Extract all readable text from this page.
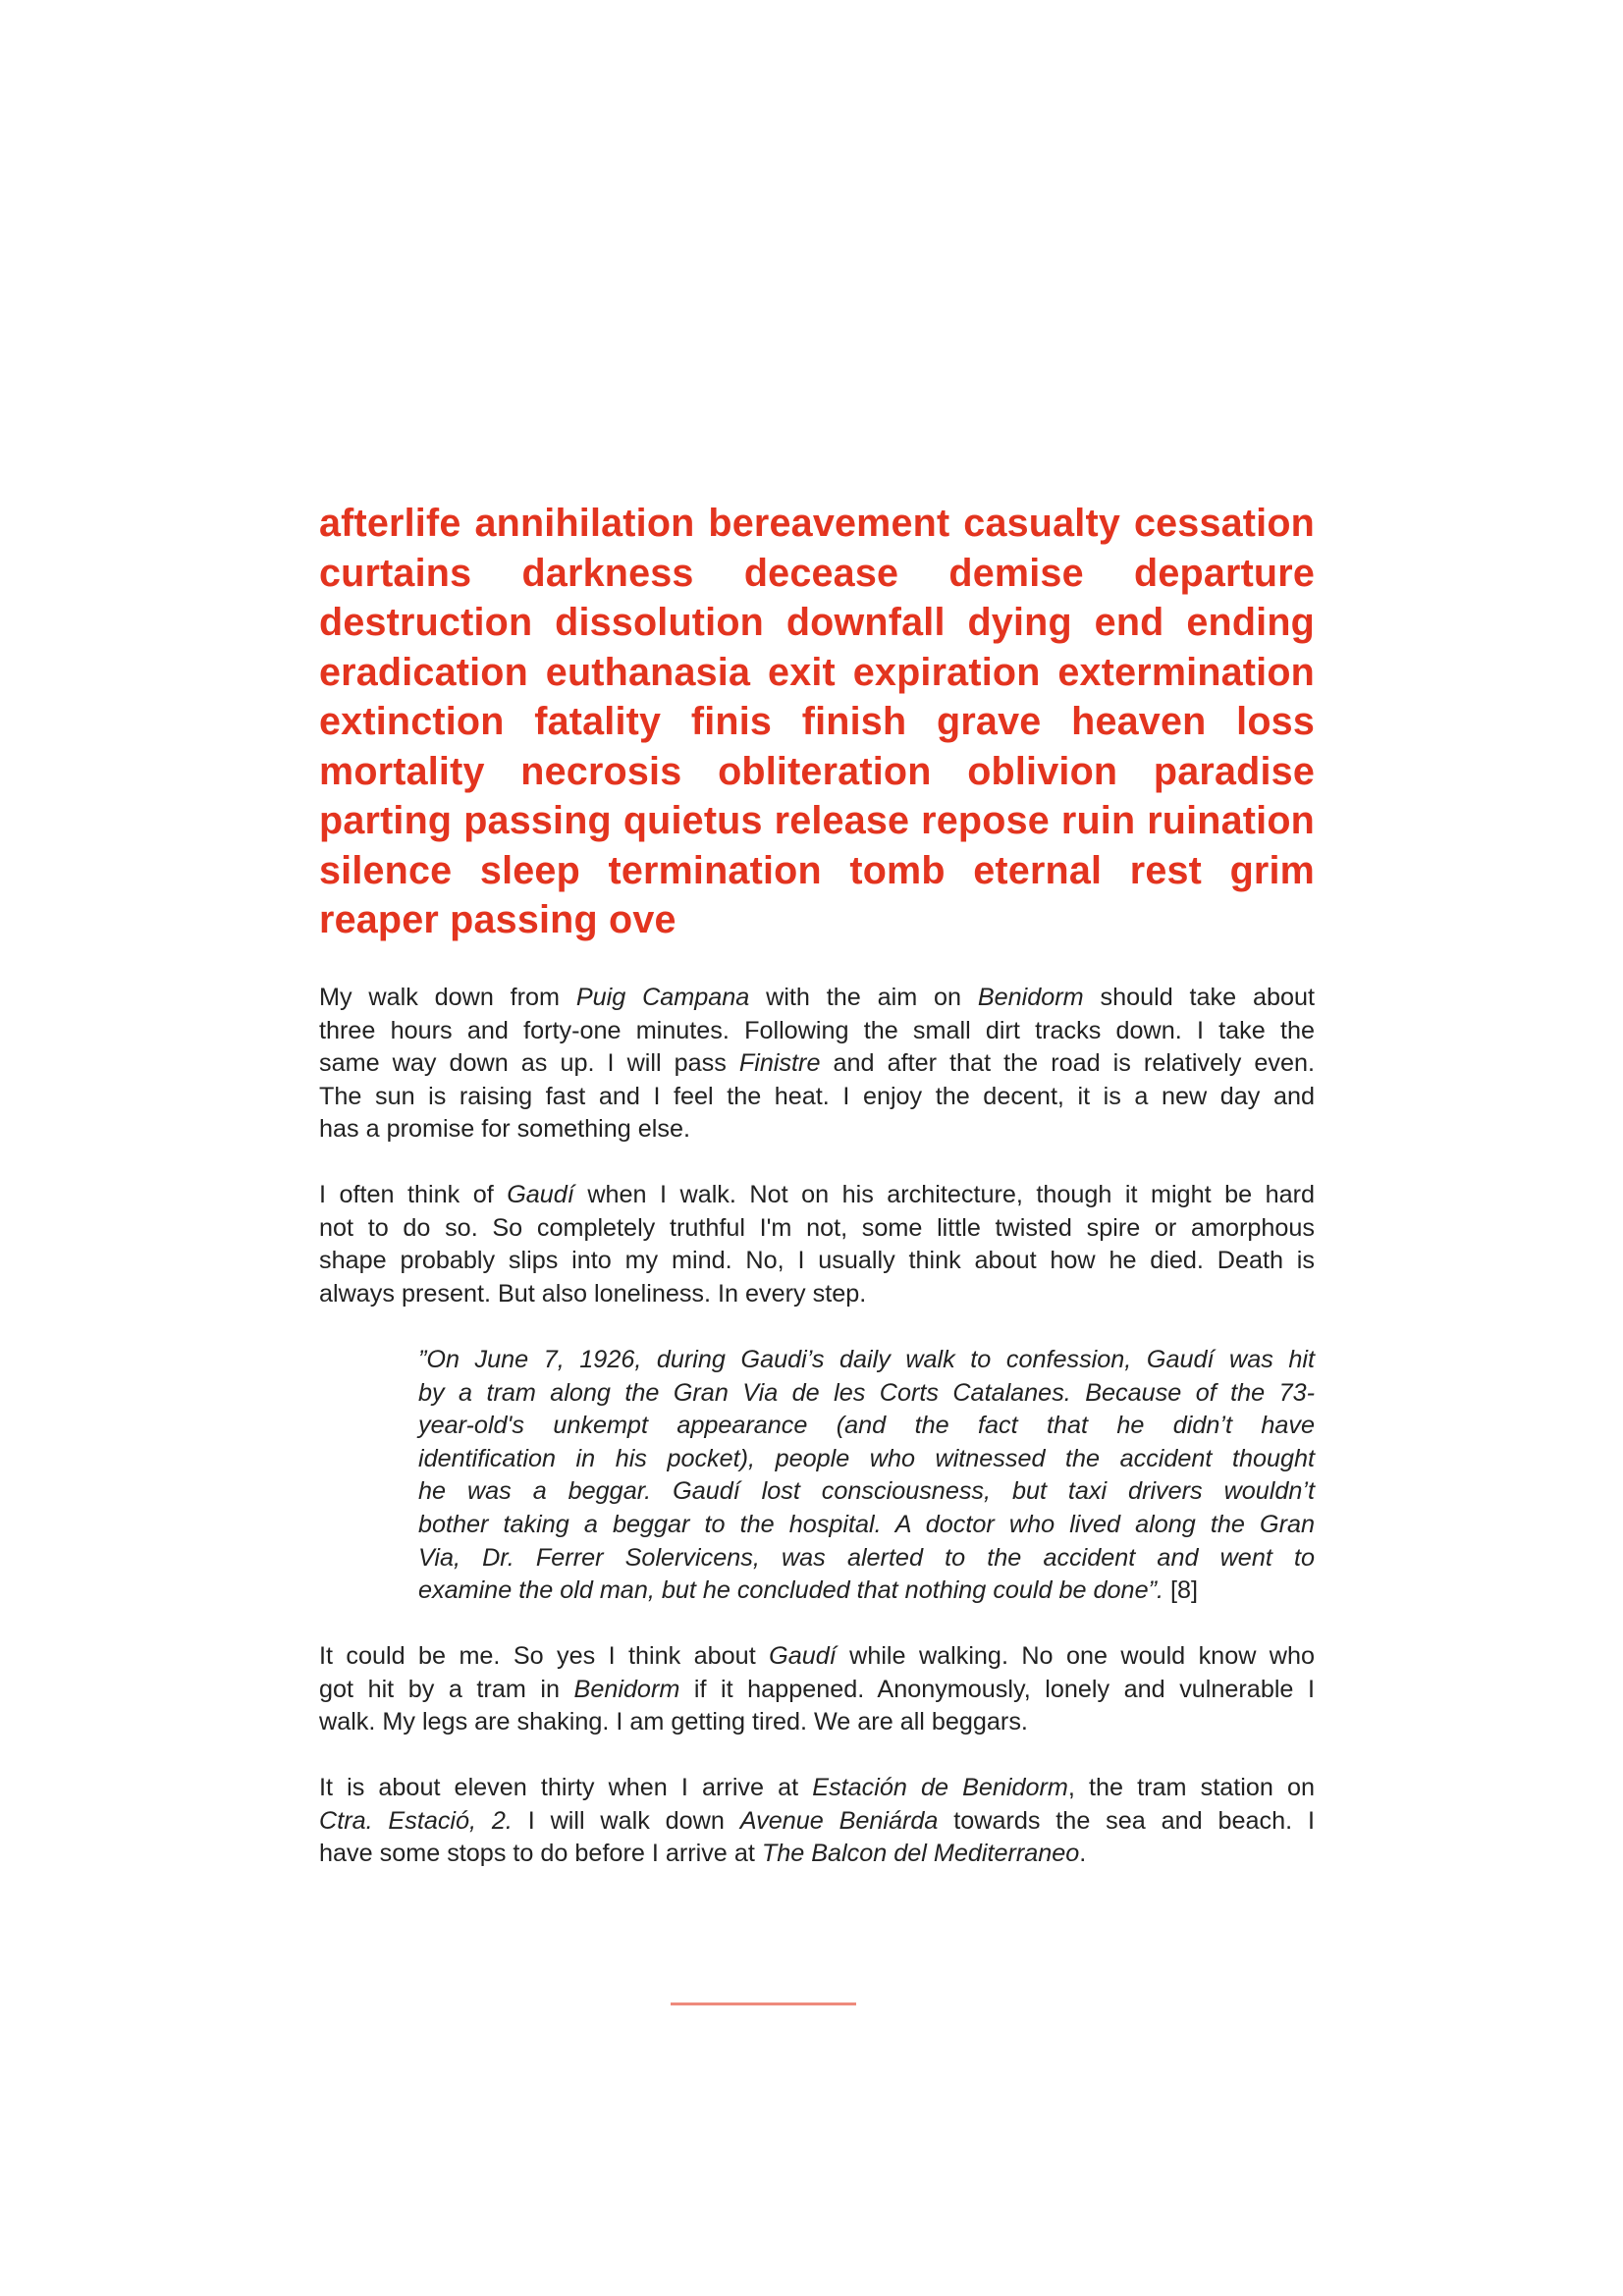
afterlife annihilation bereavement casualty cessation
curtains darkness decease demise departure
destruction dissolution downfall dying end ending
eradication euthanasia exit expiration extermination
extinction fatality finis finish grave heaven loss
mortality necrosis obliteration oblivion paradise
parting passing quietus release repose ruin ruination
silence sleep termination tomb eternal rest grim
reaper passing ove
My walk down from Puig Campana with the aim on Benidorm should take about
three hours and forty-one minutes. Following the small dirt tracks down. I take the
same way down as up. I will pass Finistre and after that the road is relatively even.
The sun is raising fast and I feel the heat. I enjoy the decent, it is a new day and
has a promise for something else.
I often think of Gaudí when I walk. Not on his architecture, though it might be hard
not to do so. So completely truthful I'm not, some little twisted spire or amorphous
shape probably slips into my mind. No, I usually think about how he died. Death is
always present. But also loneliness. In every step.
”On June 7, 1926, during Gaudi’s daily walk to confession, Gaudí was hit
by a tram along the Gran Via de les Corts Catalanes. Because of the 73-
year-old's unkempt appearance (and the fact that he didn’t have
identification in his pocket), people who witnessed the accident thought
he was a beggar. Gaudí lost consciousness, but taxi drivers wouldn’t
bother taking a beggar to the hospital. A doctor who lived along the Gran
Via, Dr. Ferrer Solervicens, was alerted to the accident and went to
examine the old man, but he concluded that nothing could be done”. [8]
It could be me. So yes I think about Gaudí while walking. No one would know who
got hit by a tram in Benidorm if it happened. Anonymously, lonely and vulnerable I
walk. My legs are shaking. I am getting tired. We are all beggars.
It is about eleven thirty when I arrive at Estación de Benidorm, the tram station on
Ctra. Estació, 2. I will walk down Avenue Beniárda towards the sea and beach. I
have some stops to do before I arrive at The Balcon del Mediterraneo.
